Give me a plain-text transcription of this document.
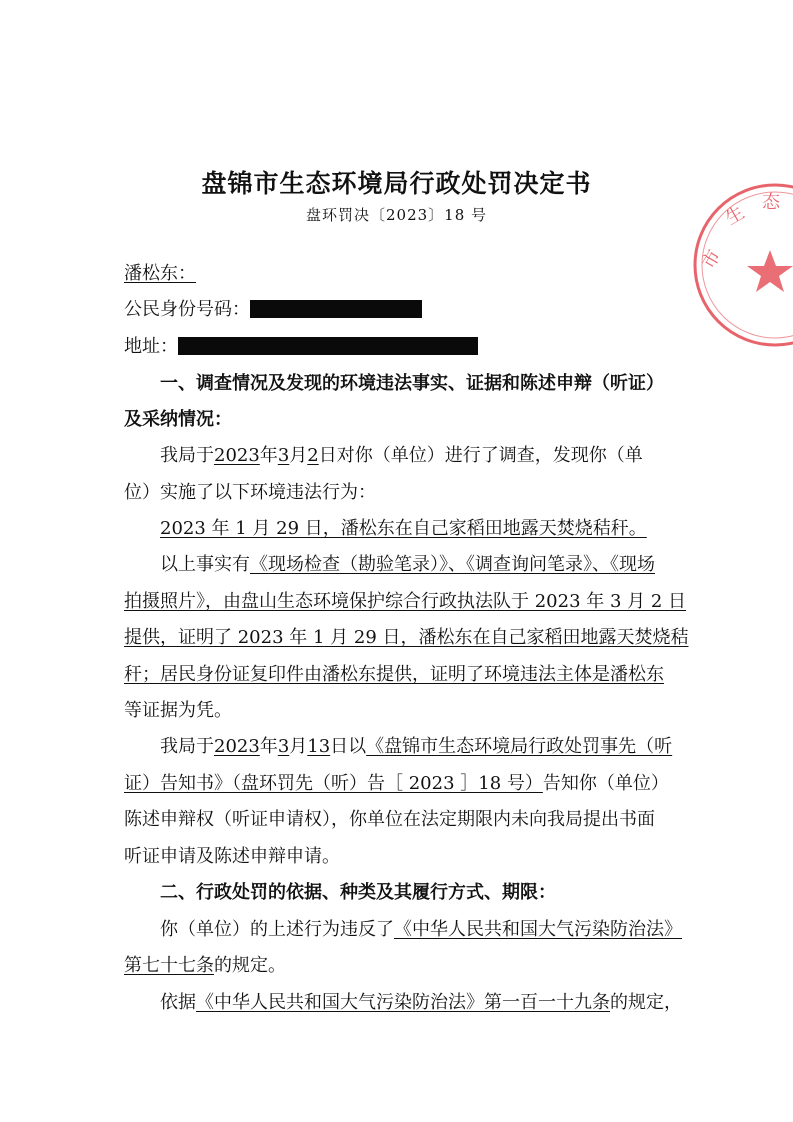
盘锦市生态环境局行政处罚决定书
盘环罚决〔2023〕18 号
市
生 态
潘松东：
公民身份号码：
地址：
一、调查情况及发现的环境违法事实、证据和陈述申辩（听证）
及采纳情况：
我局于2023年3月2日对你（单位）进行了调查，发现你（单
位）实施了以下环境违法行为：
2023 年 1 月 29 日，潘松东在自己家稻田地露天焚烧秸秆。
以上事实有《现场检查（勘验笔录）》、《调查询问笔录》、《现场
拍摄照片》，由盘山生态环境保护综合行政执法队于 2023 年 3 月 2 日
提供，证明了 2023 年 1 月 29 日，潘松东在自己家稻田地露天焚烧秸
秆；居民身份证复印件由潘松东提供，证明了环境违法主体是潘松东
等证据为凭。
我局于2023年3月13日以《盘锦市生态环境局行政处罚事先（听
证）告知书》（盘环罚先（听）告［ 2023 ］18 号）告知你（单位）
陈述申辩权（听证申请权），你单位在法定期限内未向我局提出书面
听证申请及陈述申辩申请。
二、行政处罚的依据、种类及其履行方式、期限：
你（单位）的上述行为违反了《中华人民共和国大气污染防治法》
第七十七条的规定。
依据《中华人民共和国大气污染防治法》第一百一十九条的规定，
